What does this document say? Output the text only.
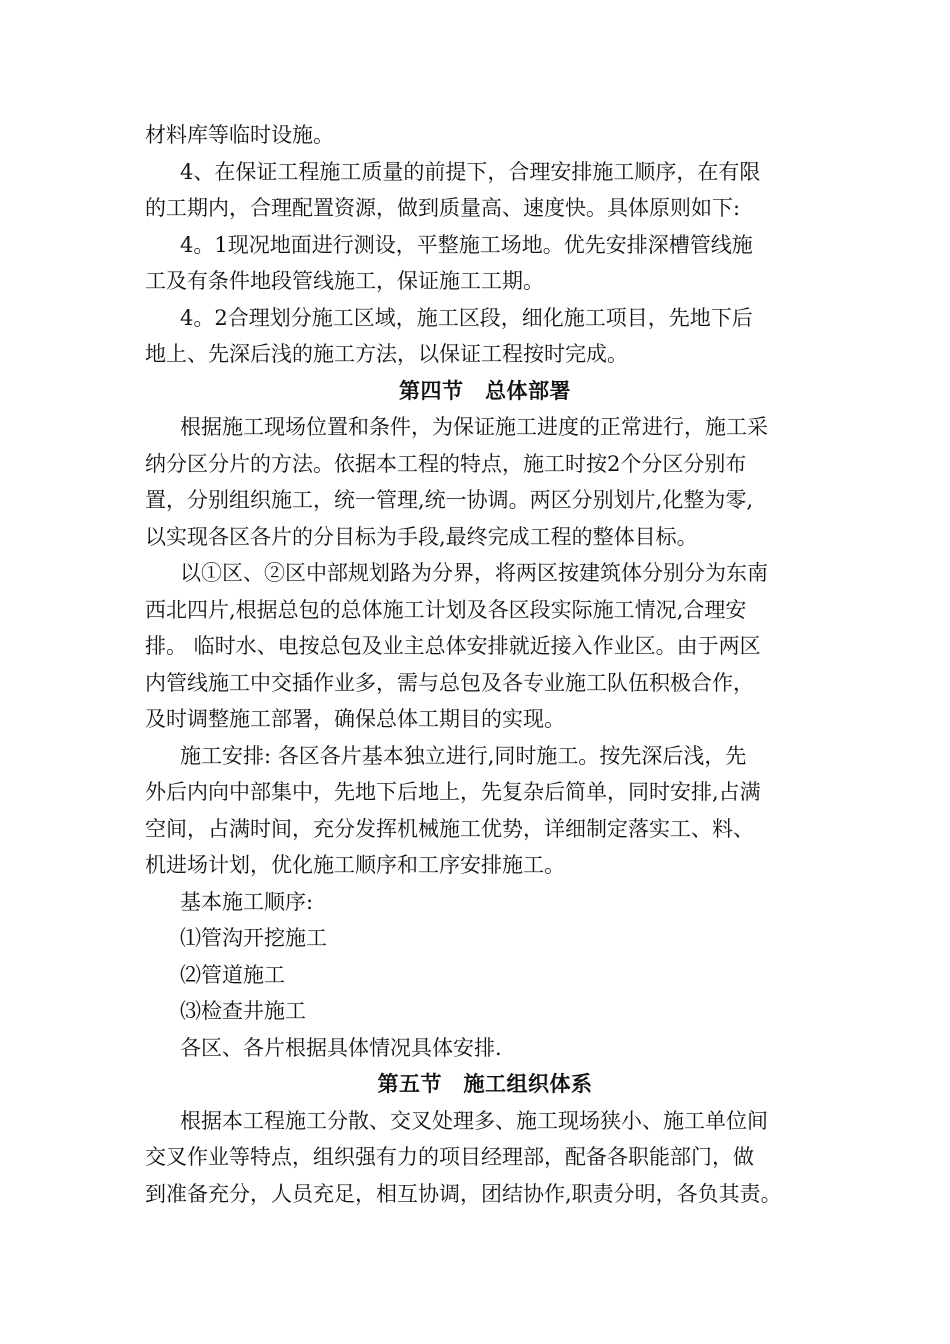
材料库等临时设施。
4、在保证工程施工质量的前提下，合理安排施工顺序，在有限
的工期内，合理配置资源，做到质量高、速度快。具体原则如下:
4。1现况地面进行测设，平整施工场地。优先安排深槽管线施
工及有条件地段管线施工，保证施工工期。
4。2合理划分施工区域，施工区段，细化施工项目，先地下后
地上、先深后浅的施工方法，以保证工程按时完成。
第四节　总体部署
根据施工现场位置和条件，为保证施工进度的正常进行，施工采
纳分区分片的方法。依据本工程的特点，施工时按2个分区分别布
置，分别组织施工，统一管理,统一协调。两区分别划片,化整为零,
以实现各区各片的分目标为手段,最终完成工程的整体目标。
以①区、②区中部规划路为分界，将两区按建筑体分别分为东南
西北四片,根据总包的总体施工计划及各区段实际施工情况,合理安
排。 临时水、电按总包及业主总体安排就近接入作业区。由于两区
内管线施工中交插作业多，需与总包及各专业施工队伍积极合作，
及时调整施工部署，确保总体工期目的实现。
施工安排: 各区各片基本独立进行,同时施工。按先深后浅，先
外后内向中部集中，先地下后地上，先复杂后简单，同时安排,占满
空间，占满时间，充分发挥机械施工优势，详细制定落实工、料、
机进场计划，优化施工顺序和工序安排施工。
基本施工顺序:
⑴管沟开挖施工
⑵管道施工
⑶检查井施工
各区、各片根据具体情况具体安排.
第五节　施工组织体系
根据本工程施工分散、交叉处理多、施工现场狭小、施工单位间
交叉作业等特点，组织强有力的项目经理部，配备各职能部门，做
到准备充分，人员充足，相互协调，团结协作,职责分明，各负其责。
